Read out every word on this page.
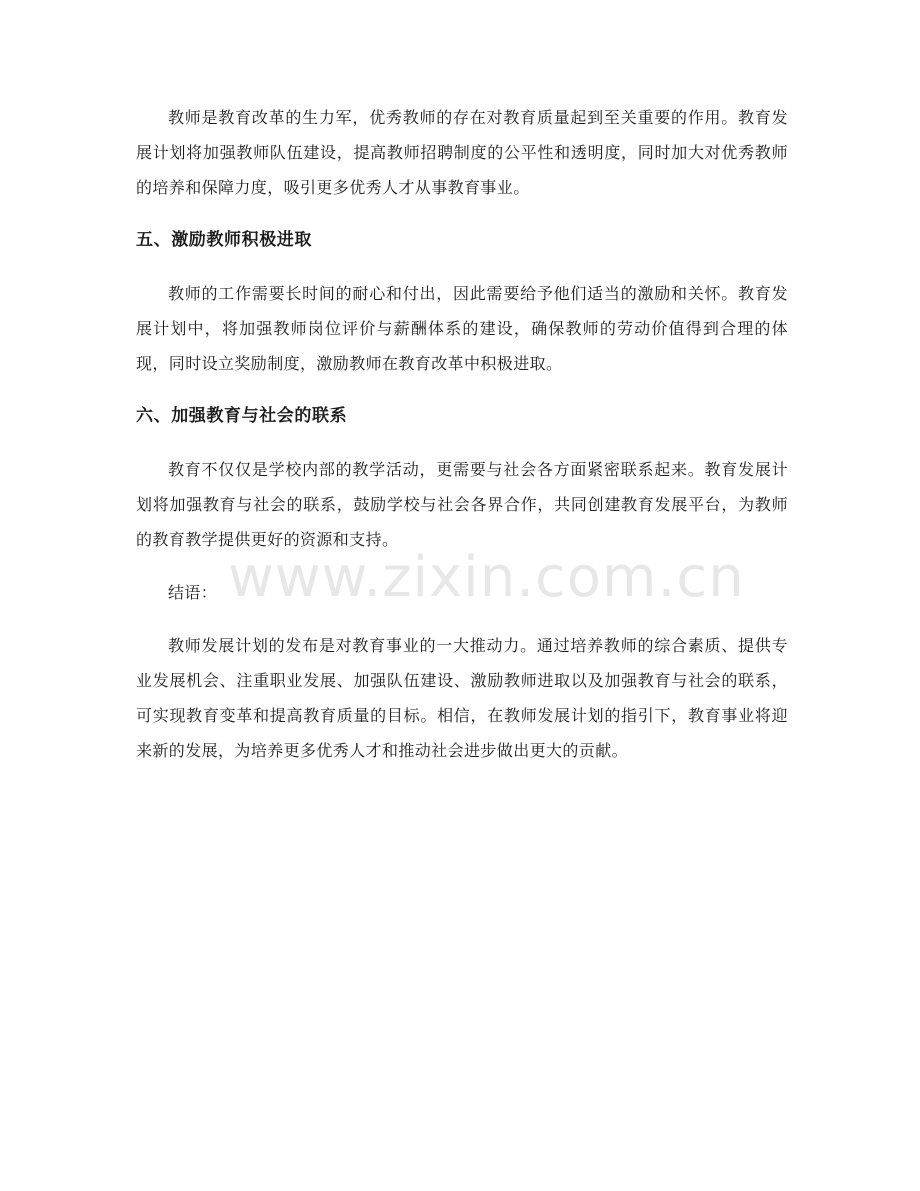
教师是教育改革的生力军，优秀教师的存在对教育质量起到至关重要的作用。教育发展计划将加强教师队伍建设，提高教师招聘制度的公平性和透明度，同时加大对优秀教师的培养和保障力度，吸引更多优秀人才从事教育事业。

五、激励教师积极进取

教师的工作需要长时间的耐心和付出，因此需要给予他们适当的激励和关怀。教育发展计划中，将加强教师岗位评价与薪酬体系的建设，确保教师的劳动价值得到合理的体现，同时设立奖励制度，激励教师在教育改革中积极进取。

六、加强教育与社会的联系

教育不仅仅是学校内部的教学活动，更需要与社会各方面紧密联系起来。教育发展计划将加强教育与社会的联系，鼓励学校与社会各界合作，共同创建教育发展平台，为教师的教育教学提供更好的资源和支持。

结语：

教师发展计划的发布是对教育事业的一大推动力。通过培养教师的综合素质、提供专业发展机会、注重职业发展、加强队伍建设、激励教师进取以及加强教育与社会的联系，可实现教育变革和提高教育质量的目标。相信，在教师发展计划的指引下，教育事业将迎来新的发展，为培养更多优秀人才和推动社会进步做出更大的贡献。

www.zixin.com.cn
